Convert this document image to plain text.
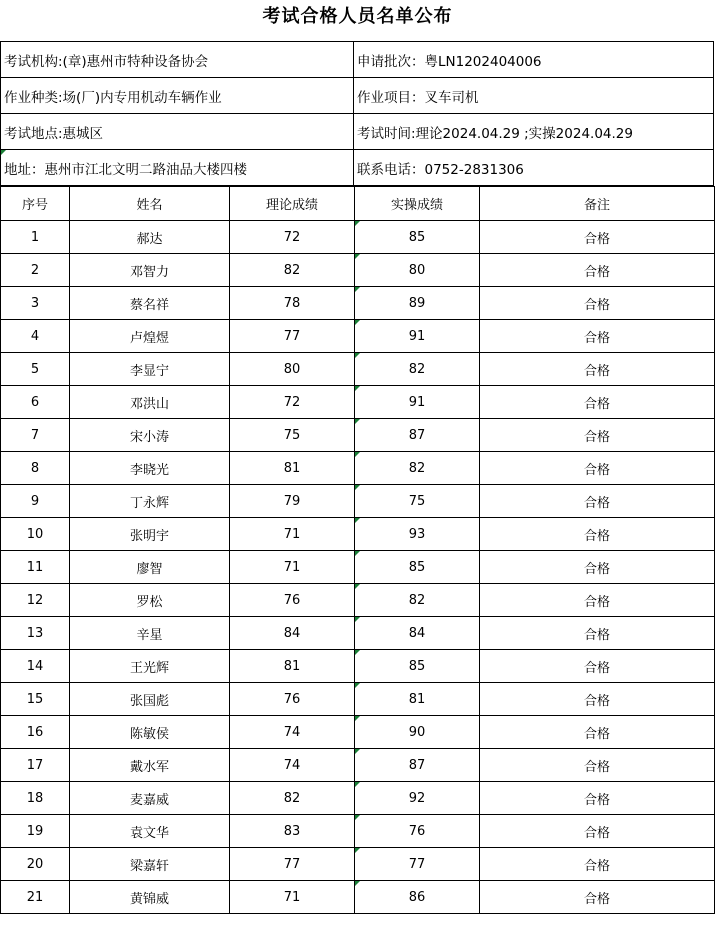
考试合格人员名单公布
考试机构:(章)惠州市特种设备协会	申请批次：粤LN1202404006
作业种类:场(厂)内专用机动车辆作业	作业项目：叉车司机
考试地点:惠城区	考试时间:理论2024.04.29 ;实操2024.04.29
地址：惠州市江北文明二路油品大楼四楼	联系电话：0752-2831306
序号	姓名	理论成绩	实操成绩	备注
1	郝达	72	85	合格
2	邓智力	82	80	合格
3	蔡名祥	78	89	合格
4	卢煌煜	77	91	合格
5	李显宁	80	82	合格
6	邓洪山	72	91	合格
7	宋小涛	75	87	合格
8	李晓光	81	82	合格
9	丁永辉	79	75	合格
10	张明宇	71	93	合格
11	廖智	71	85	合格
12	罗松	76	82	合格
13	辛星	84	84	合格
14	王光辉	81	85	合格
15	张国彪	76	81	合格
16	陈敏侯	74	90	合格
17	戴水军	74	87	合格
18	麦嘉威	82	92	合格
19	袁文华	83	76	合格
20	梁嘉轩	77	77	合格
21	黄锦威	71	86	合格
